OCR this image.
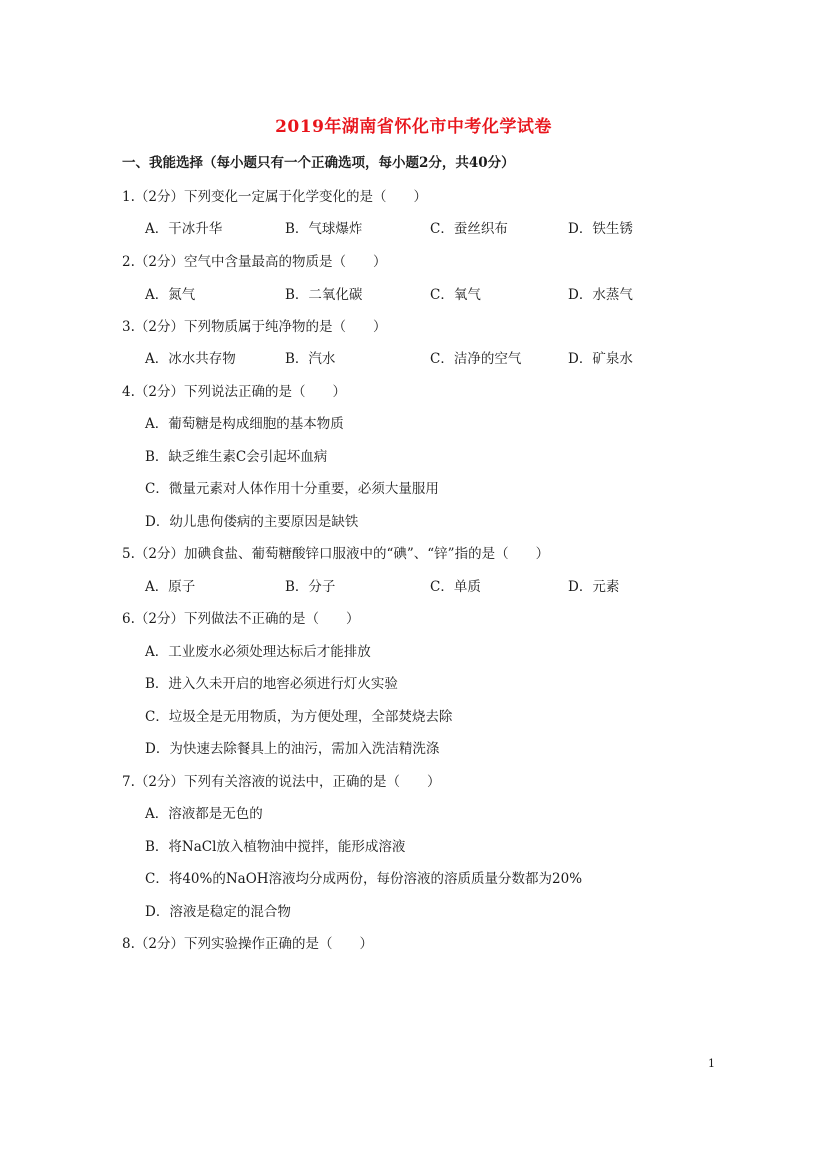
2019年湖南省怀化市中考化学试卷
一、我能选择（每小题只有一个正确选项，每小题2分，共40分）
1.（2分）下列变化一定属于化学变化的是（　　）
A．干冰升华	B．气球爆炸	C．蚕丝织布	D．铁生锈
2.（2分）空气中含量最高的物质是（　　）
A．氮气	B．二氧化碳	C．氧气	D．水蒸气
3.（2分）下列物质属于纯净物的是（　　）
A．冰水共存物	B．汽水	C．洁净的空气	D．矿泉水
4.（2分）下列说法正确的是（　　）
A．葡萄糖是构成细胞的基本物质
B．缺乏维生素C会引起坏血病
C．微量元素对人体作用十分重要，必须大量服用
D．幼儿患佝偻病的主要原因是缺铁
5.（2分）加碘食盐、葡萄糖酸锌口服液中的“碘”、“锌”指的是（　　）
A．原子	B．分子	C．单质	D．元素
6.（2分）下列做法不正确的是（　　）
A．工业废水必须处理达标后才能排放
B．进入久未开启的地窖必须进行灯火实验
C．垃圾全是无用物质，为方便处理，全部焚烧去除
D．为快速去除餐具上的油污，需加入洗洁精洗涤
7.（2分）下列有关溶液的说法中，正确的是（　　）
A．溶液都是无色的
B．将NaCl放入植物油中搅拌，能形成溶液
C．将40%的NaOH溶液均分成两份，每份溶液的溶质质量分数都为20%
D．溶液是稳定的混合物
8.（2分）下列实验操作正确的是（　　）
1
